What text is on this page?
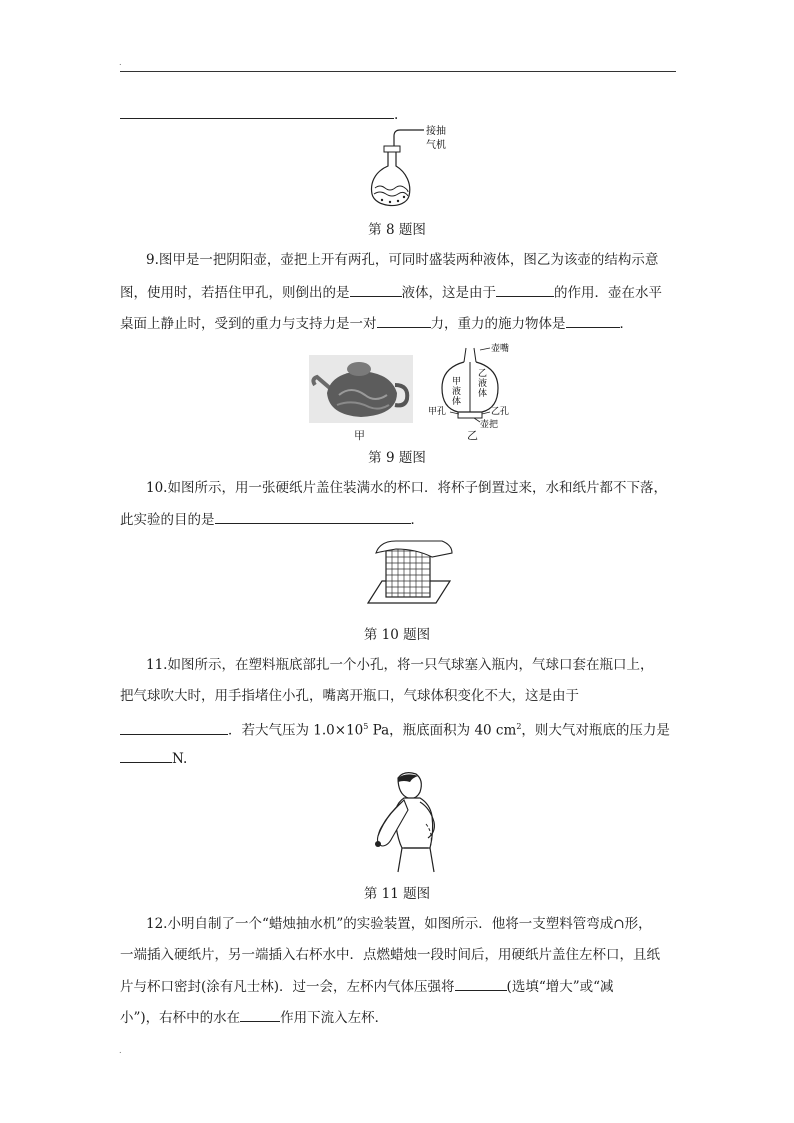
.
.
接抽
气机
第 8 题图
9.图甲是一把阴阳壶，壶把上开有两孔，可同时盛装两种液体，图乙为该壶的结构示意
图，使用时，若捂住甲孔，则倒出的是	液体，这是由于	的作用．壶在水平
桌面上静止时，受到的重力与支持力是一对	力，重力的施力物体是	．
甲
壶嘴
甲
液
体
乙
液
体
甲孔	乙孔
壶把
乙
第 9 题图
10.如图所示，用一张硬纸片盖住装满水的杯口．将杯子倒置过来，水和纸片都不下落，
此实验的目的是	．
第 10 题图
11.如图所示，在塑料瓶底部扎一个小孔，将一只气球塞入瓶内，气球口套在瓶口上，
把气球吹大时，用手指堵住小孔，嘴离开瓶口，气球体积变化不大，这是由于
．若大气压为 $1.0\times 10^5$ Pa，瓶底面积为 40 $cm^2$，则大气对瓶底的压力是
N.
第 11 题图
12.小明自制了一个“蜡烛抽水机”的实验装置，如图所示．他将一支塑料管弯成∩形，
一端插入硬纸片，另一端插入右杯水中．点燃蜡烛一段时间后，用硬纸片盖住左杯口，且纸
片与杯口密封(涂有凡士林)．过一会，左杯内气体压强将	(选填“增大”或“减
小”)，右杯中的水在	作用下流入左杯．
.
